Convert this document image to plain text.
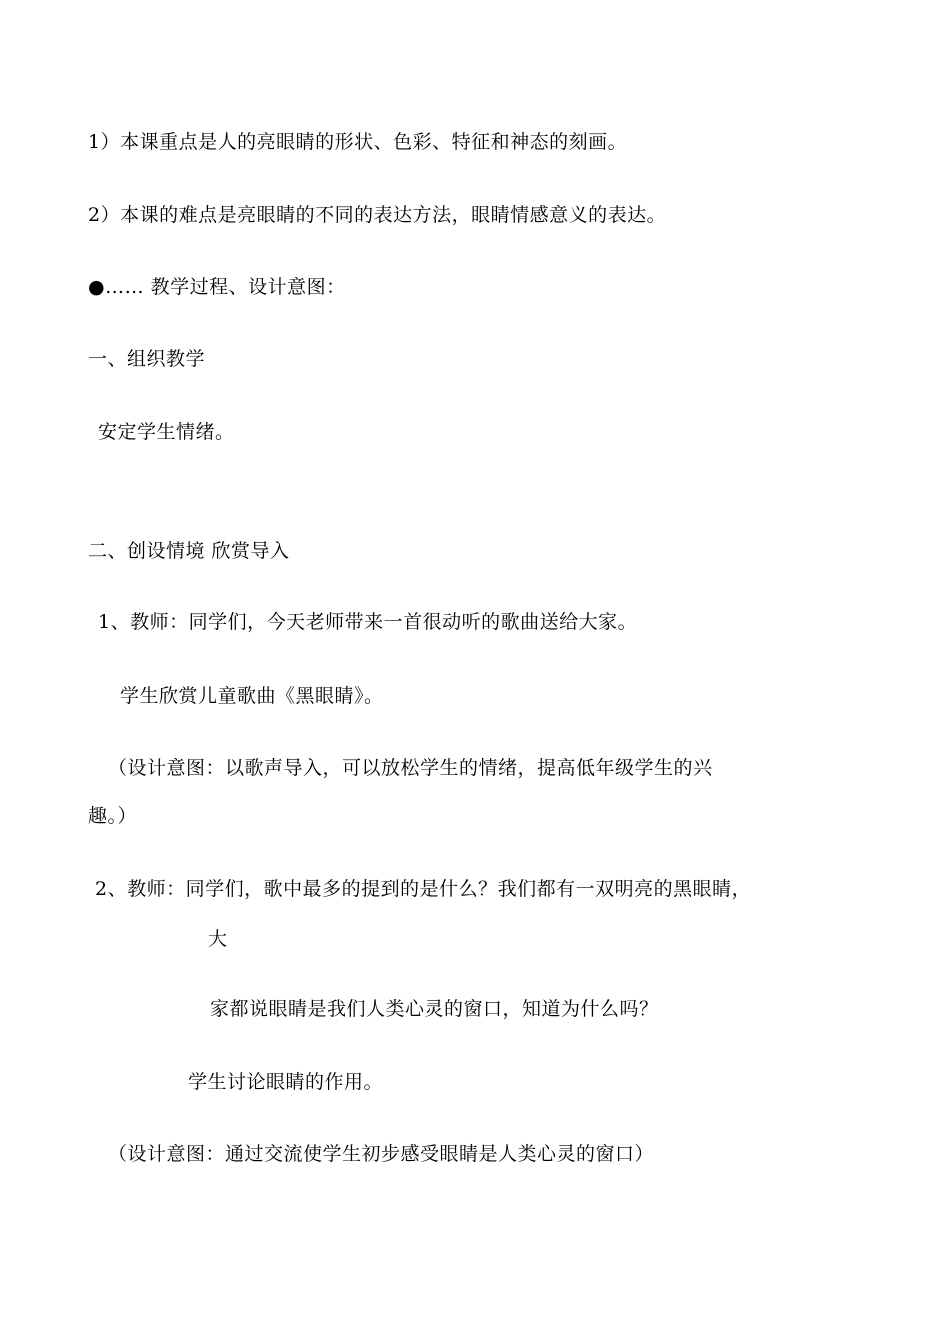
1）本课重点是人的亮眼睛的形状、色彩、特征和神态的刻画。
2）本课的难点是亮眼睛的不同的表达方法，眼睛情感意义的表达。
●…… 教学过程、设计意图：
一、组织教学
安定学生情绪。
二、创设情境 欣赏导入
1、教师：同学们，今天老师带来一首很动听的歌曲送给大家。
学生欣赏儿童歌曲《黑眼睛》。
（设计意图：以歌声导入，可以放松学生的情绪，提高低年级学生的兴
趣。）
2、教师：同学们，歌中最多的提到的是什么？我们都有一双明亮的黑眼睛，
大
家都说眼睛是我们人类心灵的窗口，知道为什么吗？
学生讨论眼睛的作用。
（设计意图：通过交流使学生初步感受眼睛是人类心灵的窗口）
